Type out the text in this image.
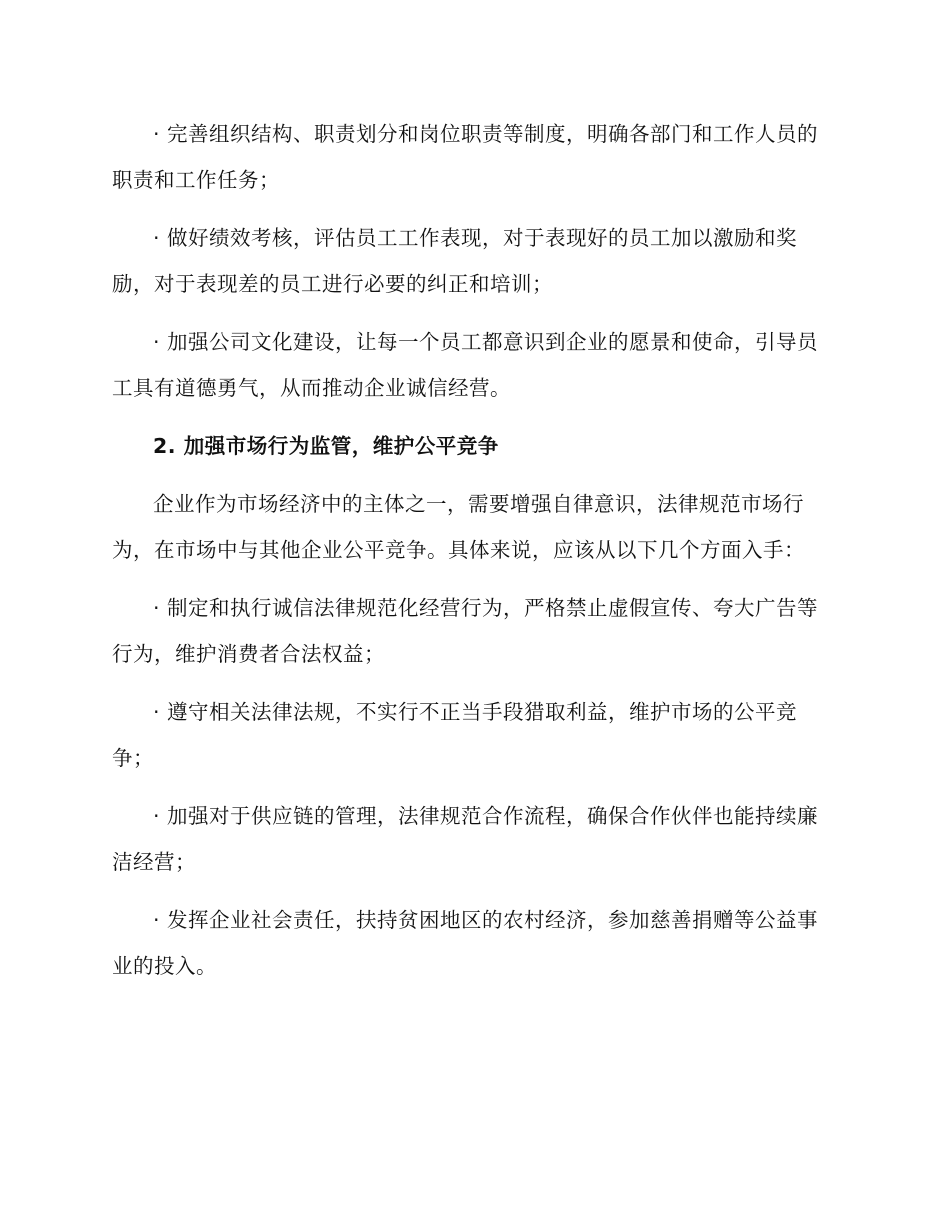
· 完善组织结构、职责划分和岗位职责等制度，明确各部门和工作人员的职责和工作任务；

· 做好绩效考核，评估员工工作表现，对于表现好的员工加以激励和奖励，对于表现差的员工进行必要的纠正和培训；

· 加强公司文化建设，让每一个员工都意识到企业的愿景和使命，引导员工具有道德勇气，从而推动企业诚信经营。

2. 加强市场行为监管，维护公平竞争

企业作为市场经济中的主体之一，需要增强自律意识，法律规范市场行为，在市场中与其他企业公平竞争。具体来说，应该从以下几个方面入手：

· 制定和执行诚信法律规范化经营行为，严格禁止虚假宣传、夸大广告等行为，维护消费者合法权益；

· 遵守相关法律法规，不实行不正当手段猎取利益，维护市场的公平竞争；

· 加强对于供应链的管理，法律规范合作流程，确保合作伙伴也能持续廉洁经营；

· 发挥企业社会责任，扶持贫困地区的农村经济，参加慈善捐赠等公益事业的投入。
